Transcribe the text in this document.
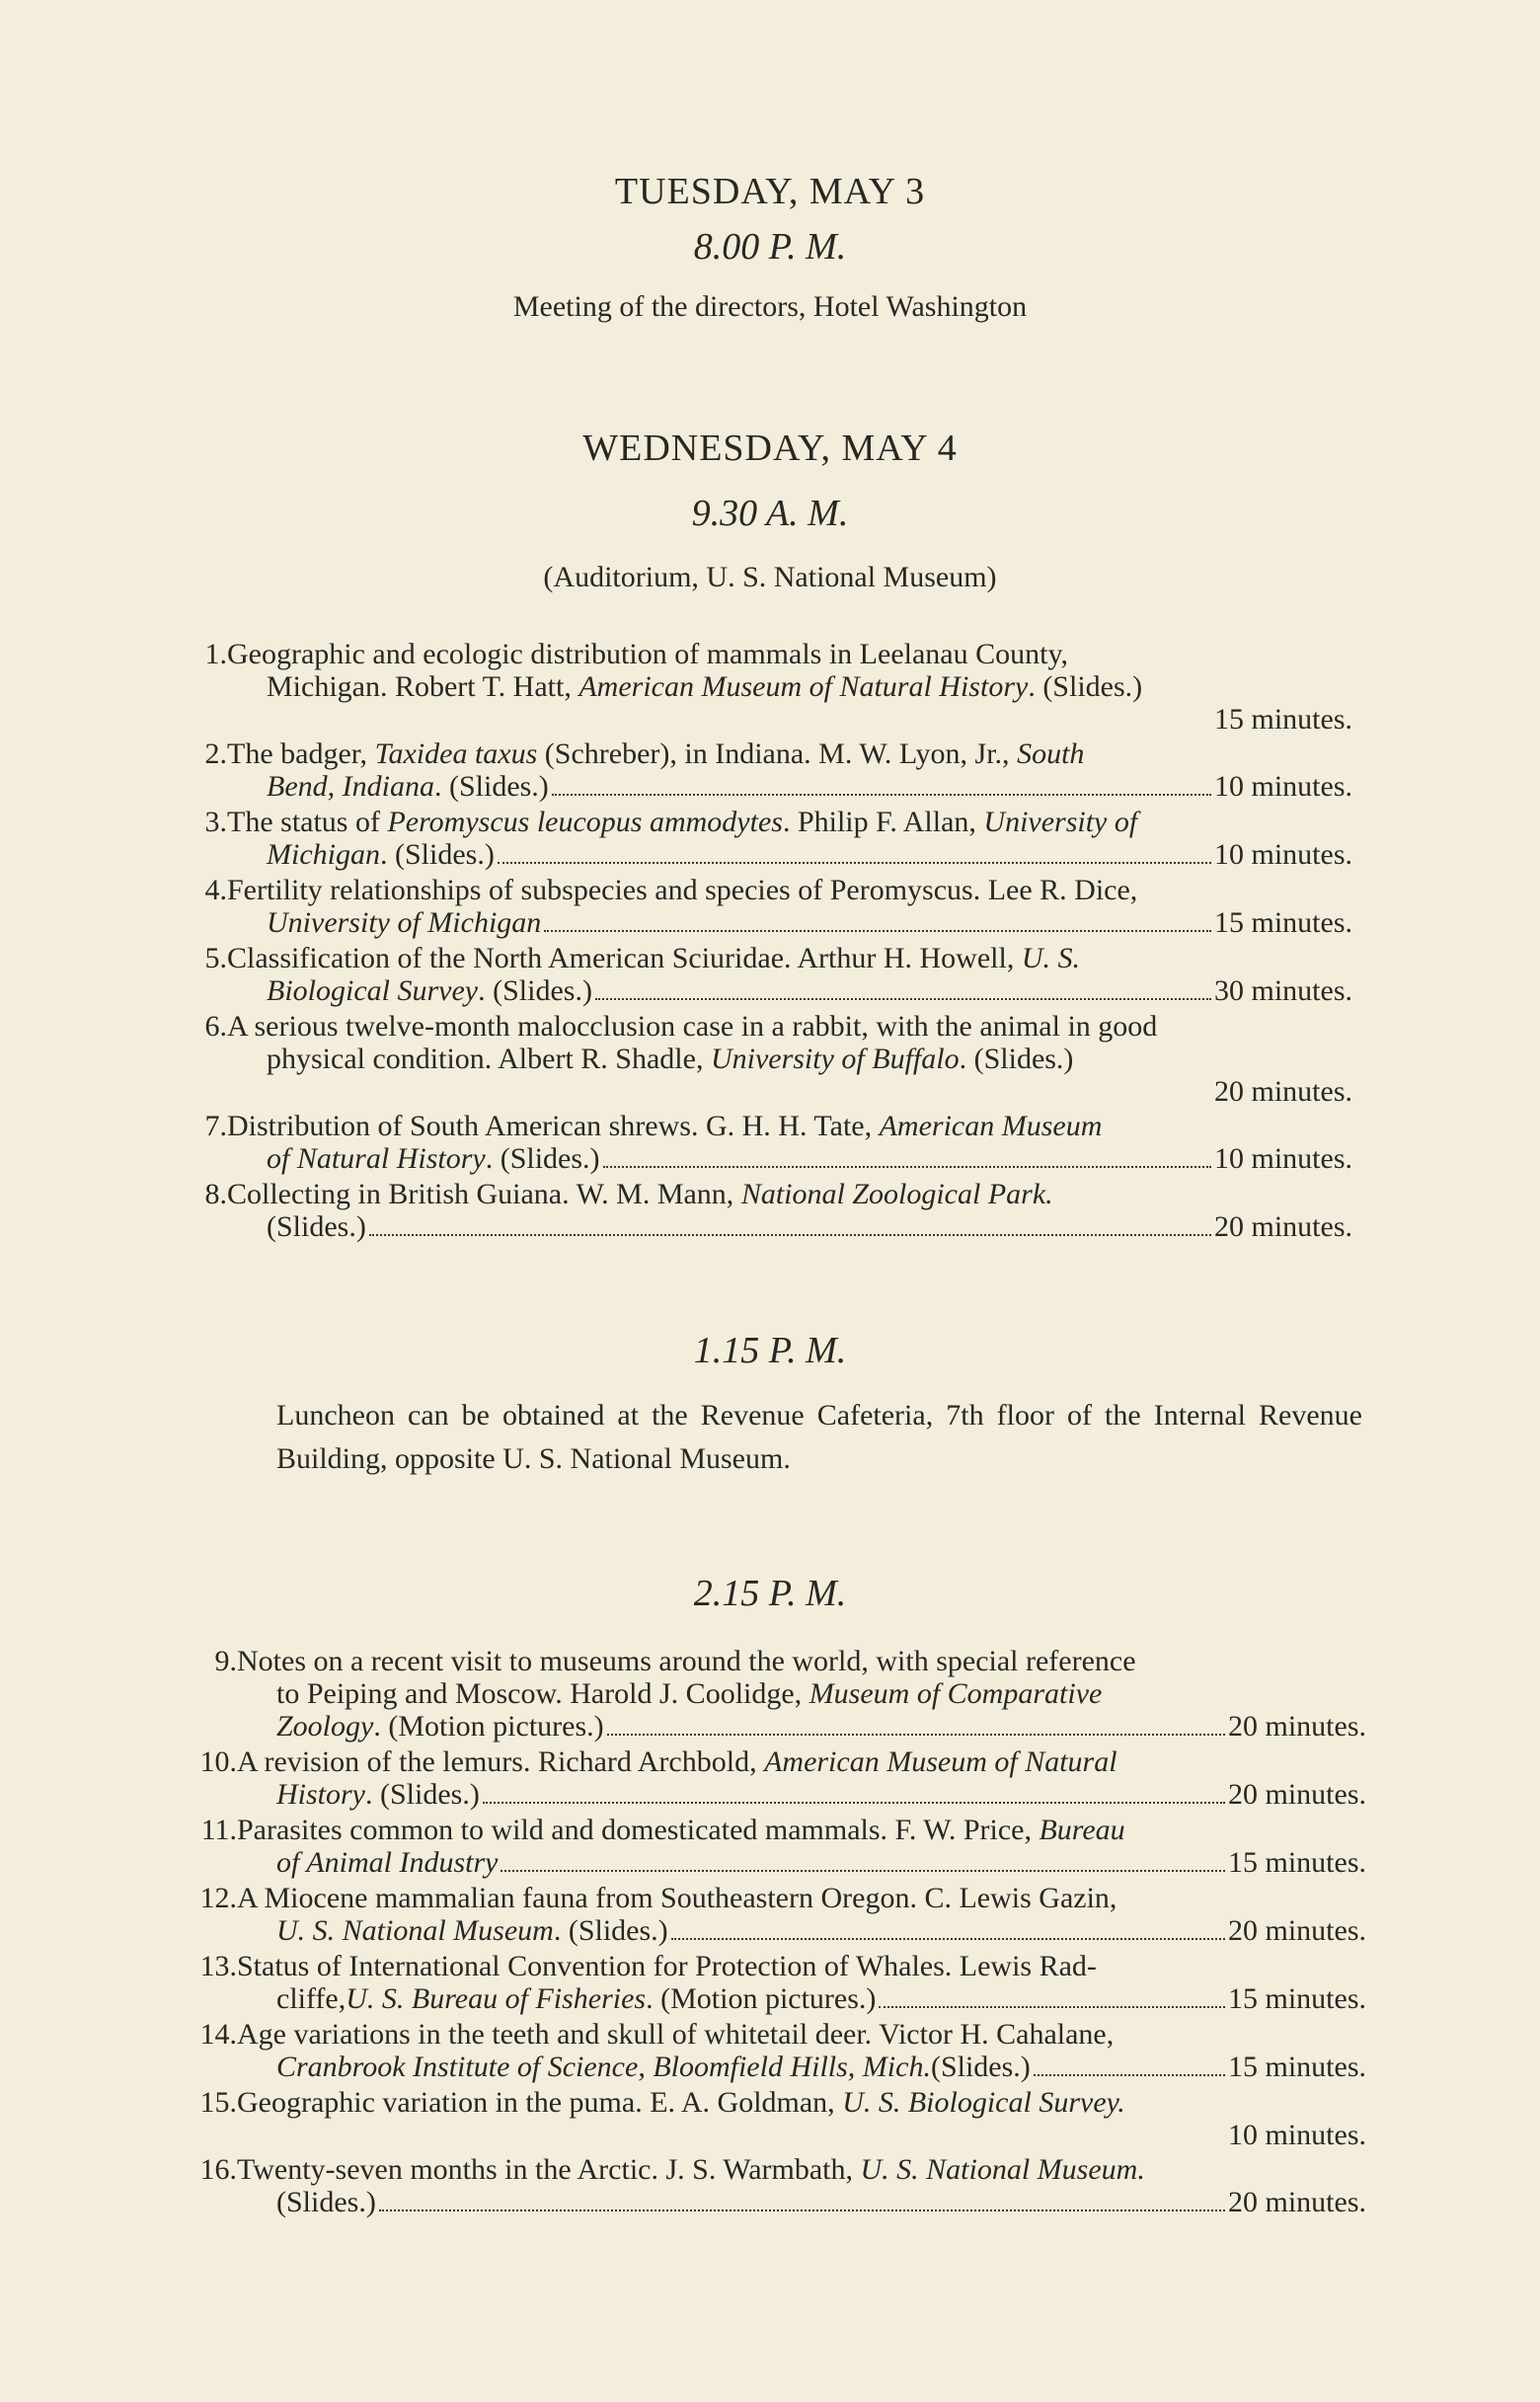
TUESDAY, MAY 3

8.00 P. M.

Meeting of the directors, Hotel Washington

WEDNESDAY, MAY 4

9.30 A. M.

(Auditorium, U. S. National Museum)

1. Geographic and ecologic distribution of mammals in Leelanau County,
Michigan. Robert T. Hatt, American Museum of Natural History. (Slides.)
15 minutes.
2. The badger, Taxidea taxus (Schreber), in Indiana. M. W. Lyon, Jr., South
Bend, Indiana . (Slides.)	10 minutes.
3. The status of Peromyscus leucopus ammodytes. Philip F. Allan, University of
Michigan . (Slides.)	10 minutes.
4. Fertility relationships of subspecies and species of Peromyscus. Lee R. Dice,
University of Michigan	15 minutes.
5. Classification of the North American Sciuridae. Arthur H. Howell, U. S.
Biological Survey . (Slides.)	30 minutes.
6. A serious twelve-month malocclusion case in a rabbit, with the animal in good
physical condition. Albert R. Shadle, University of Buffalo. (Slides.)
20 minutes.
7. Distribution of South American shrews. G. H. H. Tate, American Museum
of Natural History . (Slides.)	10 minutes.
8. Collecting in British Guiana. W. M. Mann, National Zoological Park.
(Slides.)	20 minutes.

1.15 P. M.

Luncheon can be obtained at the Revenue Cafeteria, 7th floor of the Internal Revenue Building, opposite U. S. National Museum.

2.15 P. M.

9. Notes on a recent visit to museums around the world, with special reference
to Peiping and Moscow. Harold J. Coolidge, Museum of Comparative
Zoology . (Motion pictures.)	20 minutes.
10. A revision of the lemurs. Richard Archbold, American Museum of Natural
History . (Slides.)	20 minutes.
11. Parasites common to wild and domesticated mammals. F. W. Price, Bureau
of Animal Industry	15 minutes.
12. A Miocene mammalian fauna from Southeastern Oregon. C. Lewis Gazin,
U. S. National Museum . (Slides.)	20 minutes.
13. Status of International Convention for Protection of Whales. Lewis Rad-
cliffe, U. S. Bureau of Fisheries . (Motion pictures.)	15 minutes.
14. Age variations in the teeth and skull of whitetail deer. Victor H. Cahalane,
Cranbrook Institute of Science, Bloomfield Hills, Mich. (Slides.)	15 minutes.
15. Geographic variation in the puma. E. A. Goldman, U. S. Biological Survey.
10 minutes.
16. Twenty-seven months in the Arctic. J. S. Warmbath, U. S. National Museum.
(Slides.)	20 minutes.
